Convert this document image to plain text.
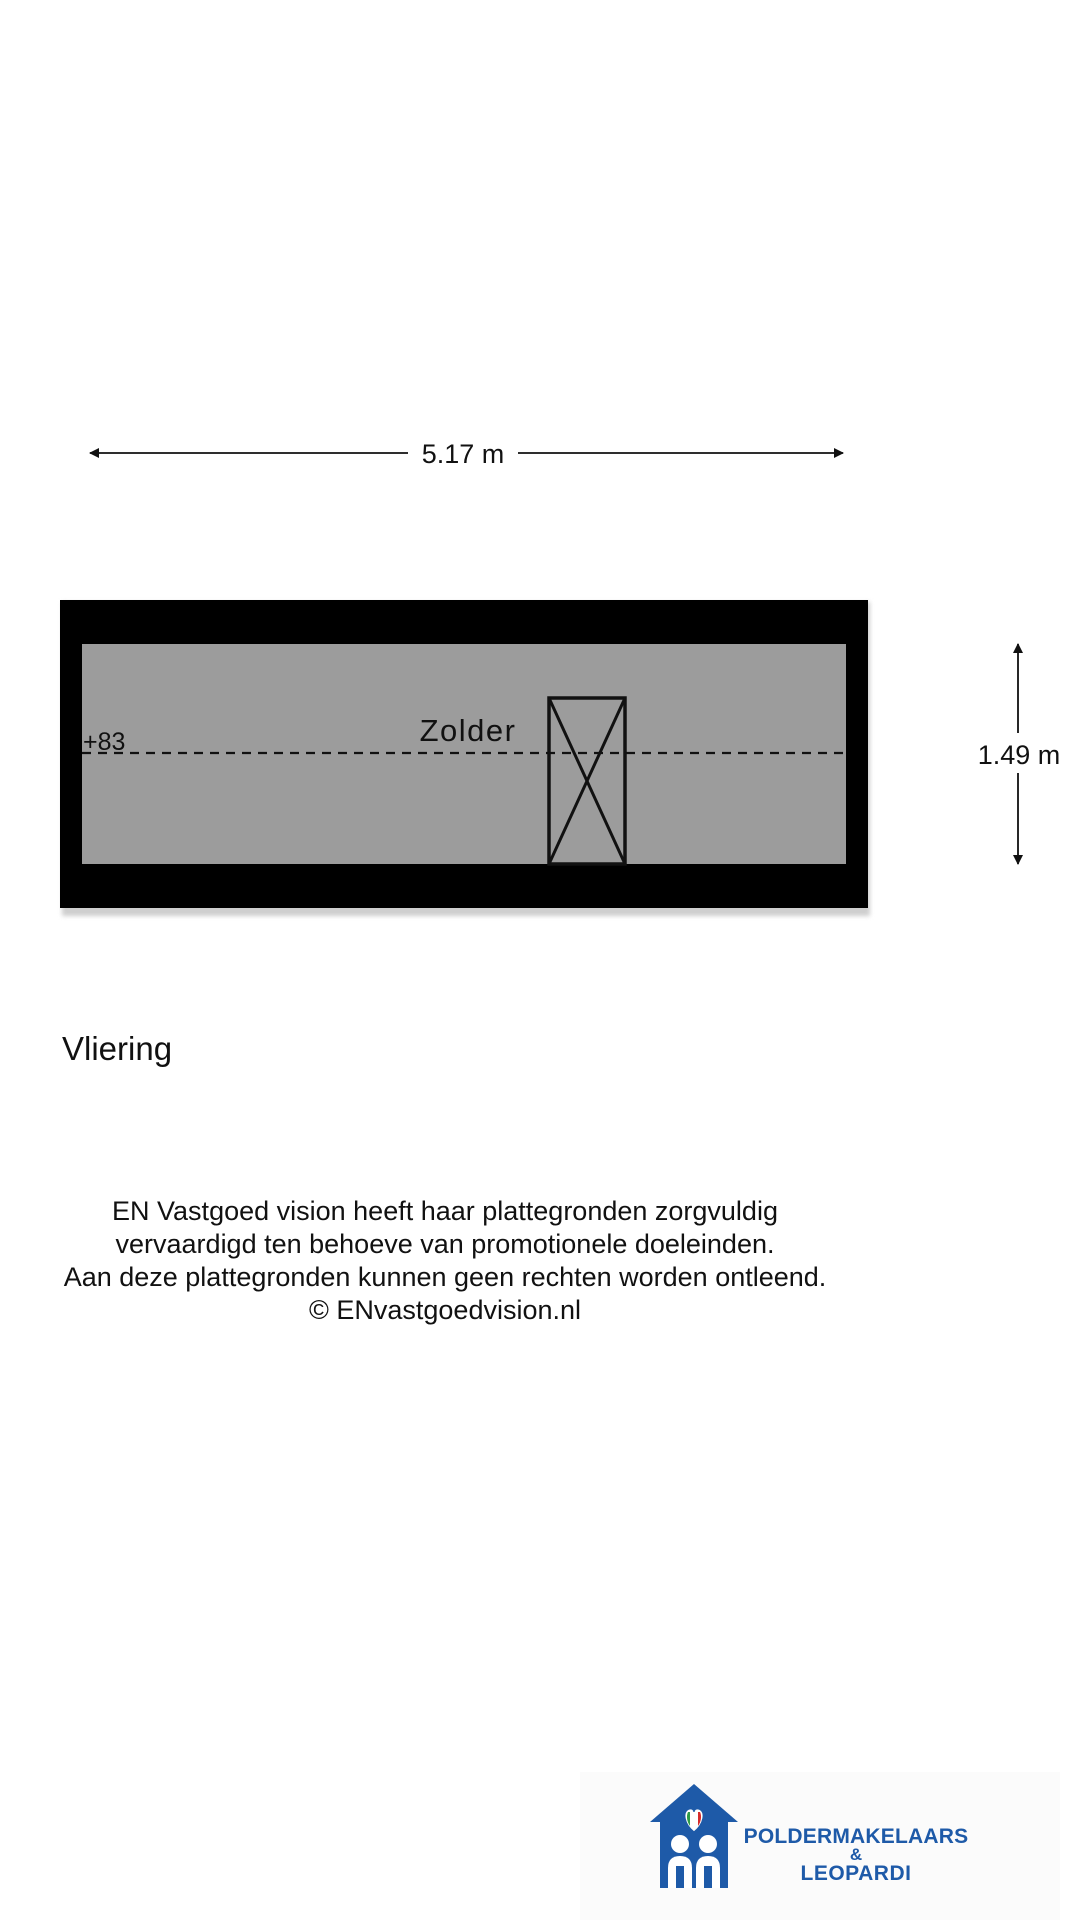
5.17 m
Zolder
+83	1.49 m
Vliering
EN Vastgoed vision heeft haar plattegronden zorgvuldig
vervaardigd ten behoeve van promotionele doeleinden.
Aan deze plattegronden kunnen geen rechten worden ontleend.
© ENvastgoedvision.nl
POLDERMAKELAARS
&
LEOPARDI
